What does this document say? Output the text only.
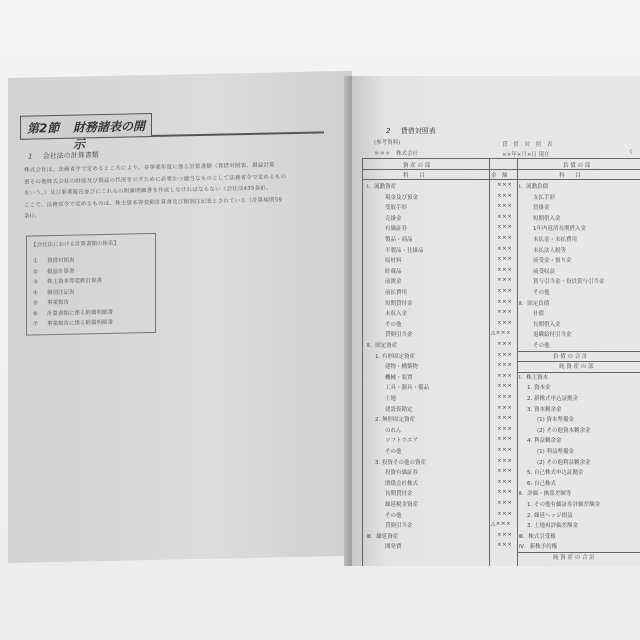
第2節 財務諸表の開示
1 会社法の計算書類
株式会社は、法務省令で定めるところにより、各事業年度に係る計算書類（貸借対照表、損益計算
書その他株式会社の財産及び損益の状況を示すために必要かつ適当なものとして法務省令で定めるもの
をいう。）及び事業報告並びにこれらの附属明細書を作成しなければならない（会社法435条Ⅱ）。
ここで、法務省令で定めるものは、株主資本等変動計算書及び個別注記表とされている（計算規則59
条Ⅰ）。
【会社法における計算書類の体系】
① 貸借対照表
② 損益計算書
③ 株主資本等変動計算書
④ 個別注記表
⑤ 事業報告
⑥ 計算書類に係る附属明細書
⑦ 事業報告に係る附属明細書
2 貸借対照表
(参考資料)
＊＊＊　株式会社
貸 借 対 照 表
××年×月×日 現在	(
資 産 の 部
科　　目	金　額
負 債 の 部
科　　目
Ⅰ．流動資産	×××
現金及び預金	×××
受取手形	×××
売掛金	×××
有価証券	×××
製品・商品	×××
半製品・仕掛品	×××
原材料	×××
貯蔵品	×××
前渡金	×××
前払費用	×××
短期貸付金	×××
未収入金	×××
その他	×××
貸倒引当金	△×××
Ⅱ．固定資産	×××
1. 有形固定資産	×××
建物・構築物	×××
機械・装置	×××
工具・器具・備品	×××
土地	×××
建設仮勘定	×××
2. 無形固定資産	×××
のれん	×××
ソフトウエア	×××
その他	×××
3. 投資その他の資産	×××
投資有価証券	×××
関係会社株式	×××
長期貸付金	×××
繰延税金資産	×××
その他	×××
貸倒引当金	△×××
Ⅲ．繰延資産	×××
開発費	×××
Ⅰ．流動負債
支払手形
買掛金
短期借入金
1年内返済長期借入金
未払金・未払費用
未払法人税等
前受金・預り金
前受収益
賞与引当金・役員賞与引当金
その他
Ⅱ．固定負債
社債
長期借入金
退職給付引当金
その他
負 債 の 合 計
純 資 産 の 部
Ⅰ．株主資本
1. 資本金
2. 新株式申込証拠金
3. 資本剰余金
(1) 資本準備金
(2) その他資本剰余金
4. 利益剰余金
(1) 利益準備金
(2) その他利益剰余金
5. 自己株式申込証拠金
6. 自己株式
Ⅱ．評価・換算差額等
1. その他有価証券評価差額金
2. 繰延ヘッジ損益
3. 土地再評価差額金
Ⅲ．株式引受権
Ⅳ．新株予約権
純 資 産 の 合 計
